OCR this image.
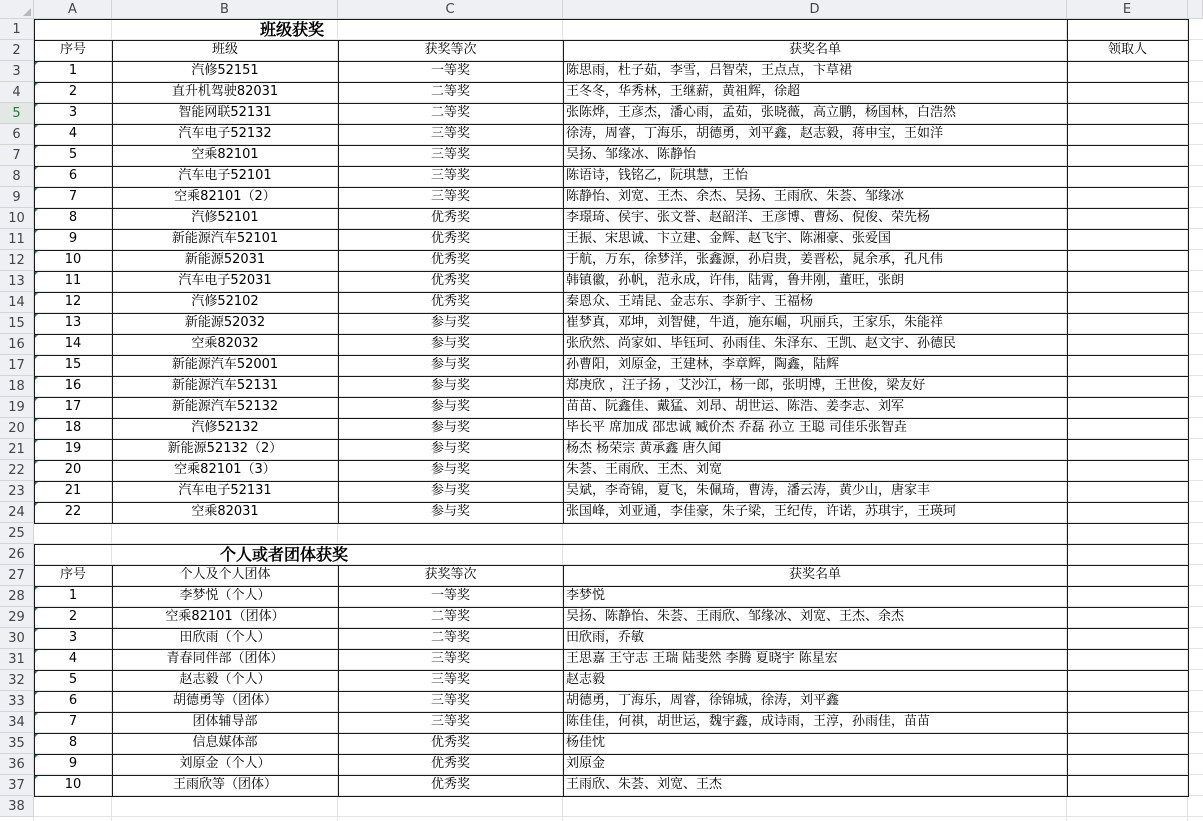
A	B	C	D	E
1
2
3
4
5
6
7
8
9
10
11
12
13
14
15
16
17
18
19
20
21
22
23
24
25
26
27
28
29
30
31
32
33
34
35
36
37
38
班级获奖
序号	班级	获奖等次	获奖名单	领取人
1	汽修52151	一等奖	陈思雨，杜子茹，李雪，吕智荣，王点点，卞草裙
2	直升机驾驶82031	二等奖	王冬冬，华秀林，王继薪，黄祖辉，徐超
3	智能网联52131	二等奖	张陈烨，王彦杰，潘心雨，孟茹，张晓薇，高立鹏，杨国林，白浩然
4	汽车电子52132	三等奖	徐涛，周睿，丁海乐，胡德勇，刘平鑫，赵志毅，蒋申宝，王如洋
5	空乘82101	三等奖	吴扬、邹缘冰、陈静怡
6	汽车电子52101	三等奖	陈语诗，钱铭乙，阮琪慧，王怡
7	空乘82101（2）	三等奖	陈静怡、刘宽、王杰、余杰、吴扬、王雨欣、朱荟、邹缘冰
8	汽修52101	优秀奖	李璟琦、侯宇、张文誉、赵韶洋、王彦博、曹炀、倪俊、荣先杨
9	新能源汽车52101	优秀奖	王振、宋思诚、卞立建、金辉、赵飞宇、陈湘豪、张爱国
10	新能源52031	优秀奖	于航，万东，徐梦洋，张鑫源，孙启贵，姜晋松，晁余承，孔凡伟
11	汽车电子52031	优秀奖	韩镇徽，孙帆，范永成，许伟，陆霄，鲁井刚，董旺，张朗
12	汽修52102	优秀奖	秦恩众、王靖昆、金志东、李新宇、王福杨
13	新能源52032	参与奖	崔梦真，邓坤，刘智健，牛逍，施东崛，巩丽兵，王家乐，朱能祥
14	空乘82032	参与奖	张欣然、尚家如、毕钰珂、孙雨佳、朱泽东、王凯、赵文宇、孙德民
15	新能源汽车52001	参与奖	孙曹阳，刘原金，王建林，李章辉，陶鑫，陆辉
16	新能源汽车52131	参与奖	郑庚欣 ，汪子扬 ，艾沙江，杨一郎，张明博，王世俊，梁友好
17	新能源汽车52132	参与奖	苗苗、阮鑫佳、戴猛、刘昂、胡世运、陈浩、姜李志、刘军
18	汽修52132	参与奖	毕长平 席加成 邵忠诚 臧价杰 乔磊 孙立 王聪 司佳乐张智垚
19	新能源52132（2）	参与奖	杨杰 杨荣宗 黄承鑫 唐久闻
20	空乘82101（3）	参与奖	朱荟、王雨欣、王杰、刘宽
21	汽车电子52131	参与奖	吴斌，李奇锦，夏飞，朱佩琦，曹涛，潘云涛，黄少山，唐家丰
22	空乘82031	参与奖	张国峰，刘亚通，李佳豪，朱子梁，王纪传，许诺，苏琪宇，王瑛珂
个人或者团体获奖
序号	个人及个人团体	获奖等次	获奖名单
1	李梦悦（个人）	一等奖	李梦悦
2	空乘82101（团体）	二等奖	吴扬、陈静怡、朱荟、王雨欣、邹缘冰、刘宽、王杰、余杰
3	田欣雨（个人）	二等奖	田欣雨，乔敏
4	青春同伴部（团体）	三等奖	王思嘉 王守志 王瑞 陆斐然 李腾 夏晓宇 陈星宏
5	赵志毅（个人）	三等奖	赵志毅
6	胡德勇等（团体）	三等奖	胡德勇，丁海乐，周睿，徐锦城，徐涛，刘平鑫
7	团体辅导部	三等奖	陈佳佳，何祺，胡世运，魏宇鑫，成诗雨，王淳，孙雨佳，苗苗
8	信息媒体部	优秀奖	杨佳忱
9	刘原金（个人）	优秀奖	刘原金
10	王雨欣等（团体）	优秀奖	王雨欣、朱荟、刘宽、王杰
